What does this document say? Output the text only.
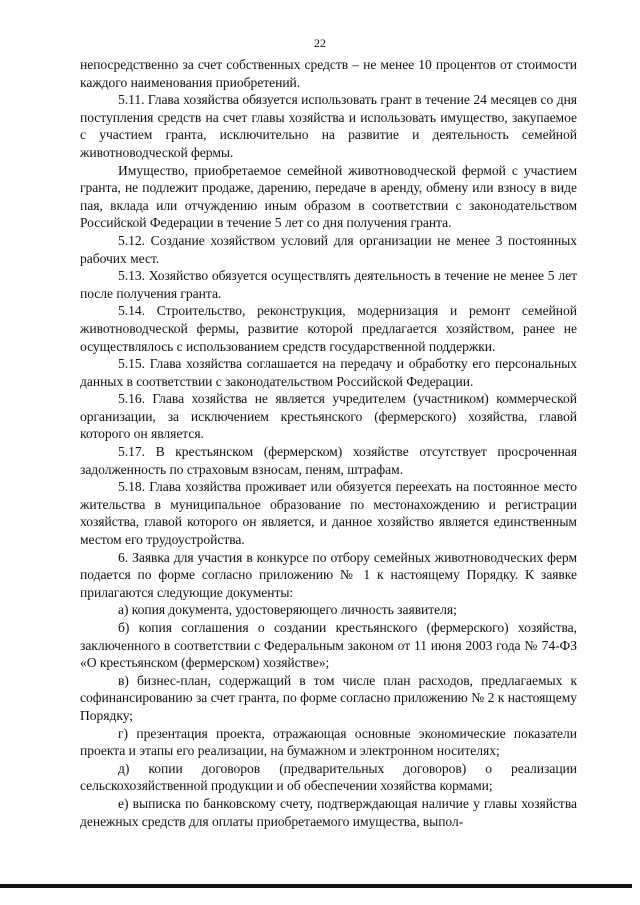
22

непосредственно за счет собственных средств – не менее 10 процентов от стоимости каждого наименования приобретений.

5.11. Глава хозяйства обязуется использовать грант в течение 24 месяцев со дня поступления средств на счет главы хозяйства и использовать имущество, закупаемое с участием гранта, исключительно на развитие и деятельность семейной животноводческой фермы.

Имущество, приобретаемое семейной животноводческой фермой с участием гранта, не подлежит продаже, дарению, передаче в аренду, обмену или взносу в виде пая, вклада или отчуждению иным образом в соответствии с законодательством Российской Федерации в течение 5 лет со дня получения гранта.

5.12. Создание хозяйством условий для организации не менее 3 постоянных рабочих мест.

5.13. Хозяйство обязуется осуществлять деятельность в течение не менее 5 лет после получения гранта.

5.14. Строительство, реконструкция, модернизация и ремонт семейной животноводческой фермы, развитие которой предлагается хозяйством, ранее не осуществлялось с использованием средств государственной поддержки.

5.15. Глава хозяйства соглашается на передачу и обработку его персональных данных в соответствии с законодательством Российской Федерации.

5.16. Глава хозяйства не является учредителем (участником) коммерческой организации, за исключением крестьянского (фермерского) хозяйства, главой которого он является.

5.17. В крестьянском (фермерском) хозяйстве отсутствует просроченная задолженность по страховым взносам, пеням, штрафам.

5.18. Глава хозяйства проживает или обязуется переехать на постоянное место жительства в муниципальное образование по местонахождению и регистрации хозяйства, главой которого он является, и данное хозяйство является единственным местом его трудоустройства.

6. Заявка для участия в конкурсе по отбору семейных животноводческих ферм подается по форме согласно приложению № 1 к настоящему Порядку. К заявке прилагаются следующие документы:

а) копия документа, удостоверяющего личность заявителя;

б) копия соглашения о создании крестьянского (фермерского) хозяйства, заключенного в соответствии с Федеральным законом от 11 июня 2003 года № 74-ФЗ «О крестьянском (фермерском) хозяйстве»;

в) бизнес-план, содержащий в том числе план расходов, предлагаемых к софинансированию за счет гранта, по форме согласно приложению № 2 к настоящему Порядку;

г) презентация проекта, отражающая основные экономические показатели проекта и этапы его реализации, на бумажном и электронном носителях;

д) копии договоров (предварительных договоров) о реализации сельскохозяйственной продукции и об обеспечении хозяйства кормами;

е) выписка по банковскому счету, подтверждающая наличие у главы хозяйства денежных средств для оплаты приобретаемого имущества, выпол-
